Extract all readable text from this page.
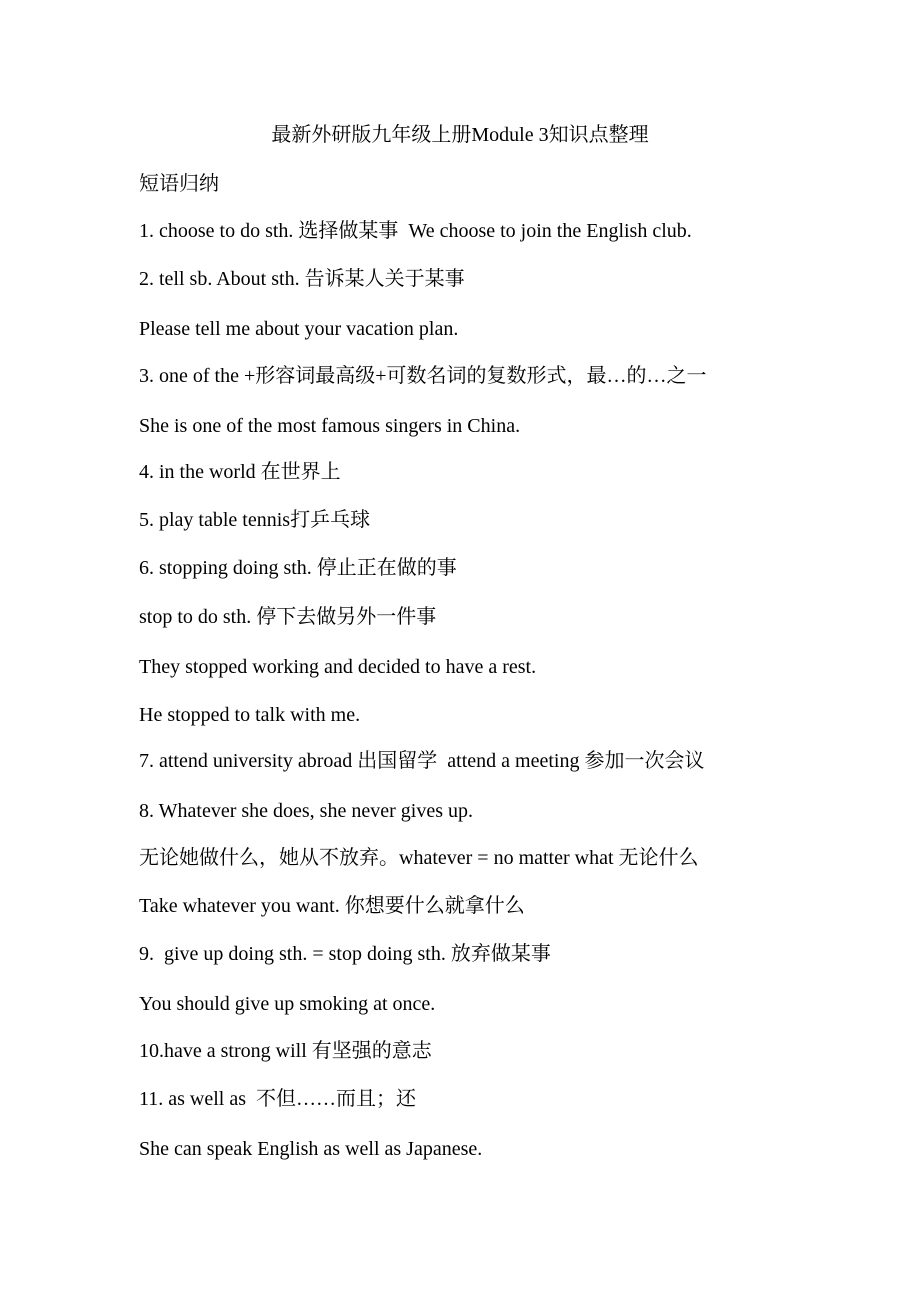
最新外研版九年级上册Module 3知识点整理
短语归纳
1. choose to do sth. 选择做某事  We choose to join the English club.
2. tell sb. About sth. 告诉某人关于某事
Please tell me about your vacation plan.
3. one of the +形容词最高级+可数名词的复数形式，最…的…之一
She is one of the most famous singers in China.
4. in the world 在世界上
5. play table tennis打乒乓球
6. stopping doing sth. 停止正在做的事
stop to do sth. 停下去做另外一件事
They stopped working and decided to have a rest.
He stopped to talk with me.
7. attend university abroad 出国留学  attend a meeting 参加一次会议
8. Whatever she does, she never gives up.
无论她做什么，她从不放弃。whatever = no matter what 无论什么
Take whatever you want. 你想要什么就拿什么
9.  give up doing sth. = stop doing sth. 放弃做某事
You should give up smoking at once.
10.have a strong will 有坚强的意志
11. as well as  不但……而且；还
She can speak English as well as Japanese.
